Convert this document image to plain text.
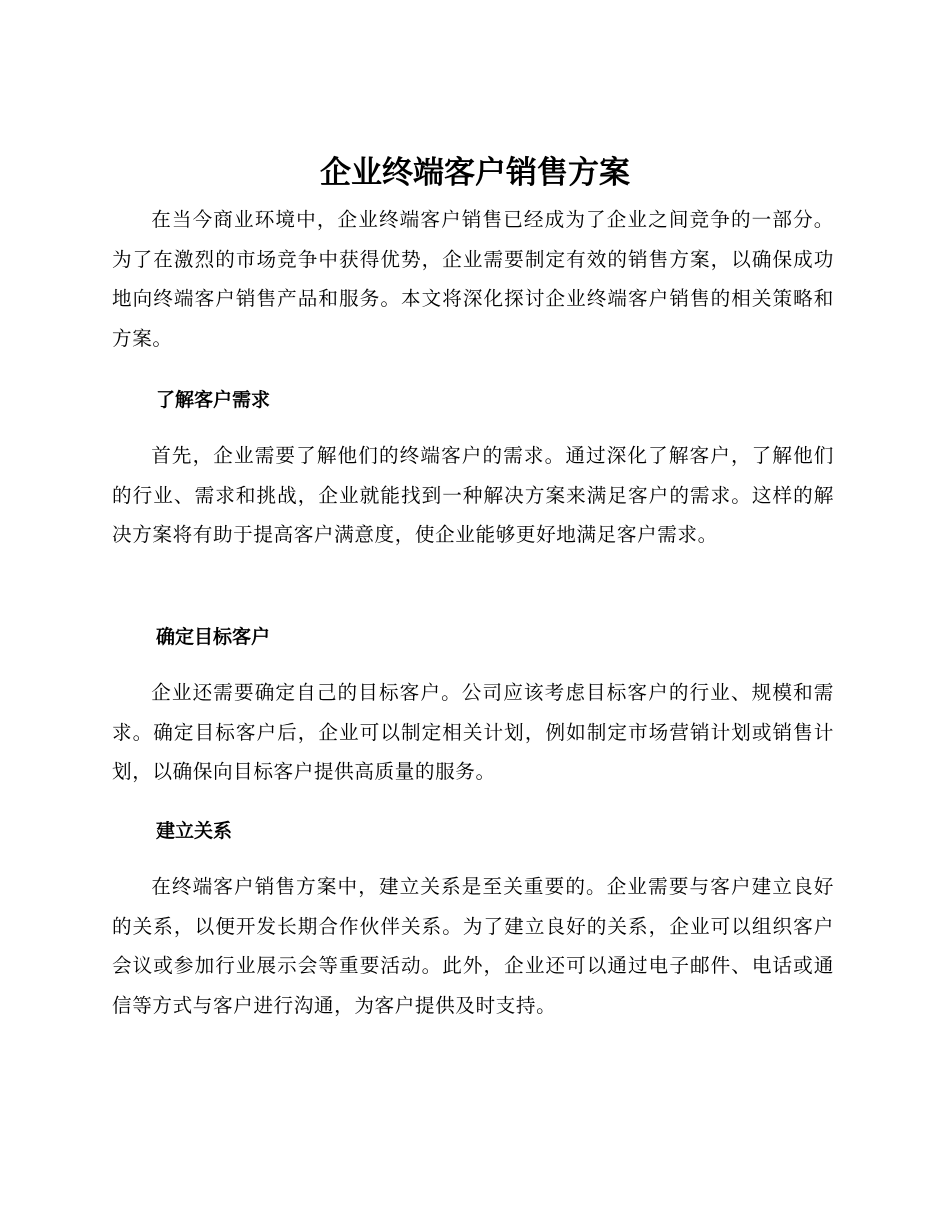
企业终端客户销售方案

在当今商业环境中，企业终端客户销售已经成为了企业之间竞争的一部分。为了在激烈的市场竞争中获得优势，企业需要制定有效的销售方案，以确保成功地向终端客户销售产品和服务。本文将深化探讨企业终端客户销售的相关策略和方案。

了解客户需求

首先，企业需要了解他们的终端客户的需求。通过深化了解客户，了解他们的行业、需求和挑战，企业就能找到一种解决方案来满足客户的需求。这样的解决方案将有助于提高客户满意度，使企业能够更好地满足客户需求。

确定目标客户

企业还需要确定自己的目标客户。公司应该考虑目标客户的行业、规模和需求。确定目标客户后，企业可以制定相关计划，例如制定市场营销计划或销售计划，以确保向目标客户提供高质量的服务。

建立关系

在终端客户销售方案中，建立关系是至关重要的。企业需要与客户建立良好的关系，以便开发长期合作伙伴关系。为了建立良好的关系，企业可以组织客户会议或参加行业展示会等重要活动。此外，企业还可以通过电子邮件、电话或通信等方式与客户进行沟通，为客户提供及时支持。
